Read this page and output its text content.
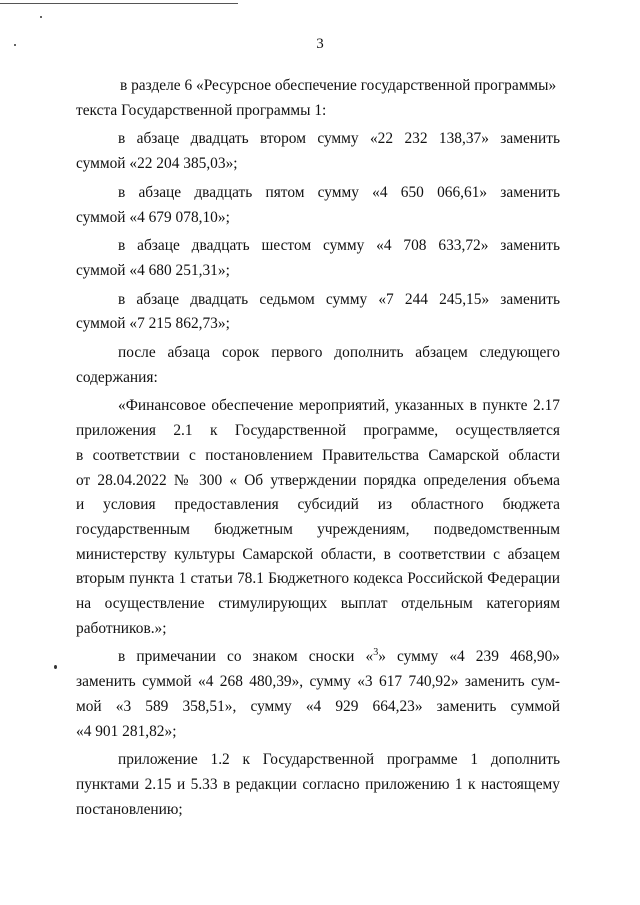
3
в разделе 6 «Ресурсное обеспечение государственной программы»
текста Государственной программы 1:
в абзаце двадцать втором сумму «22 232 138,37» заменить
суммой «22 204 385,03»;
в абзаце двадцать пятом сумму «4 650 066,61» заменить
суммой «4 679 078,10»;
в абзаце двадцать шестом сумму «4 708 633,72» заменить
суммой «4 680 251,31»;
в абзаце двадцать седьмом сумму «7 244 245,15» заменить
суммой «7 215 862,73»;
после абзаца сорок первого дополнить абзацем следующего
содержания:
«Финансовое обеспечение мероприятий, указанных в пункте 2.17
приложения 2.1 к Государственной программе, осуществляется
в соответствии с постановлением Правительства Самарской области
от 28.04.2022 № 300 « Об утверждении порядка определения объема
и условия предоставления субсидий из областного бюджета
государственным бюджетным учреждениям, подведомственным
министерству культуры Самарской области, в соответствии с абзацем
вторым пункта 1 статьи 78.1 Бюджетного кодекса Российской Федерации
на осуществление стимулирующих выплат отдельным категориям
работников.»;
в примечании со знаком сноски «$^3$» сумму «4 239 468,90»
заменить суммой «4 268 480,39», сумму «3 617 740,92» заменить сум-
мой «3 589 358,51», сумму «4 929 664,23» заменить суммой
«4 901 281,82»;
приложение 1.2 к Государственной программе 1 дополнить
пунктами 2.15 и 5.33 в редакции согласно приложению 1 к настоящему
постановлению;
